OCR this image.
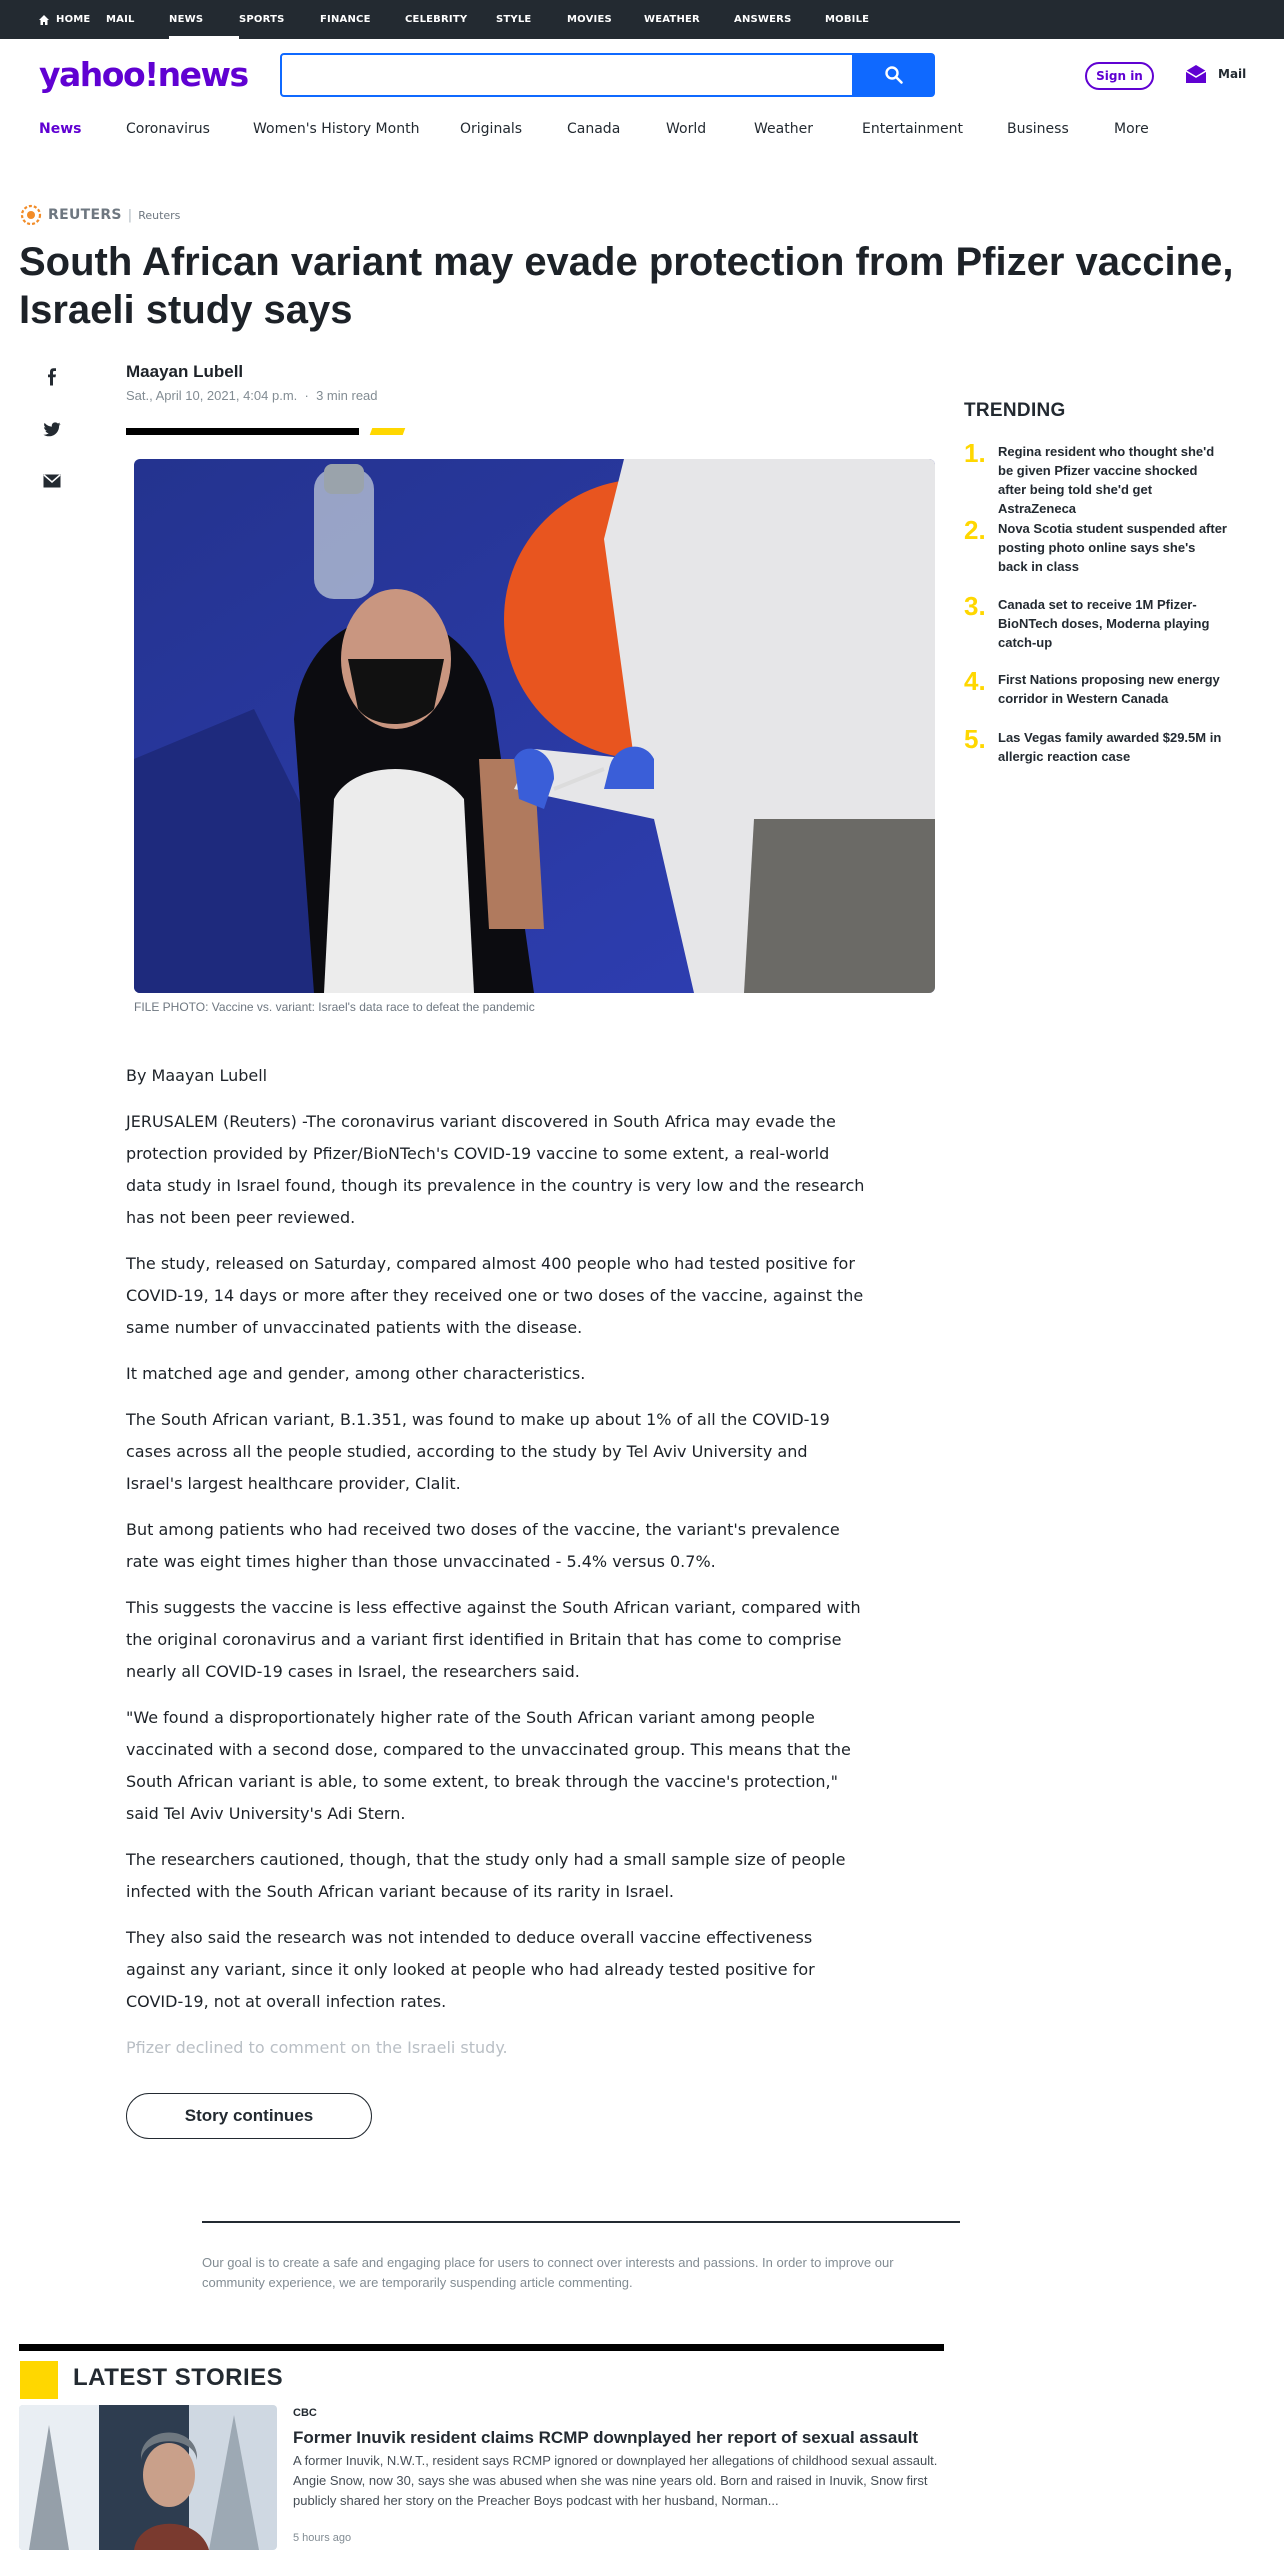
HOME MAIL	NEWS	SPORTS	FINANCE	CELEBRITY	STYLE	MOVIES	WEATHER	ANSWERS	MOBILE
yahoo!news	Sign in	Mail
News	Coronavirus	Women's History Month	Originals	Canada	World	Weather	Entertainment	Business	More
REUTERS | Reuters
South African variant may evade protection from Pfizer vaccine, Israeli study says
Maayan Lubell
Sat., April 10, 2021, 4:04 p.m.  ·  3 min read
FILE PHOTO: Vaccine vs. variant: Israel's data race to defeat the pandemic

By Maayan Lubell

JERUSALEM (Reuters) -The coronavirus variant discovered in South Africa may evade the protection provided by Pfizer/BioNTech's COVID-19 vaccine to some extent, a real-world data study in Israel found, though its prevalence in the country is very low and the research has not been peer reviewed.

The study, released on Saturday, compared almost 400 people who had tested positive for COVID-19, 14 days or more after they received one or two doses of the vaccine, against the same number of unvaccinated patients with the disease.

It matched age and gender, among other characteristics.

The South African variant, B.1.351, was found to make up about 1% of all the COVID-19 cases across all the people studied, according to the study by Tel Aviv University and Israel's largest healthcare provider, Clalit.

But among patients who had received two doses of the vaccine, the variant's prevalence rate was eight times higher than those unvaccinated - 5.4% versus 0.7%.

This suggests the vaccine is less effective against the South African variant, compared with the original coronavirus and a variant first identified in Britain that has come to comprise nearly all COVID-19 cases in Israel, the researchers said.

"We found a disproportionately higher rate of the South African variant among people vaccinated with a second dose, compared to the unvaccinated group. This means that the South African variant is able, to some extent, to break through the vaccine's protection," said Tel Aviv University's Adi Stern.

The researchers cautioned, though, that the study only had a small sample size of people infected with the South African variant because of its rarity in Israel.

They also said the research was not intended to deduce overall vaccine effectiveness against any variant, since it only looked at people who had already tested positive for COVID-19, not at overall infection rates.

Pfizer declined to comment on the Israeli study.

Story continues
Our goal is to create a safe and engaging place for users to connect over interests and passions. In order to improve our community experience, we are temporarily suspending article commenting.
LATEST STORIES
CBC
Former Inuvik resident claims RCMP downplayed her report of sexual assault
A former Inuvik, N.W.T., resident says RCMP ignored or downplayed her allegations of childhood sexual assault. Angie Snow, now 30, says she was abused when she was nine years old. Born and raised in Inuvik, Snow first publicly shared her story on the Preacher Boys podcast with her husband, Norman...
5 hours ago
TRENDING
1. Regina resident who thought she'd be given Pfizer vaccine shocked after being told she'd get AstraZeneca
2. Nova Scotia student suspended after posting photo online says she's back in class
3. Canada set to receive 1M Pfizer-BioNTech doses, Moderna playing catch-up
4. First Nations proposing new energy corridor in Western Canada
5. Las Vegas family awarded $29.5M in allergic reaction case
